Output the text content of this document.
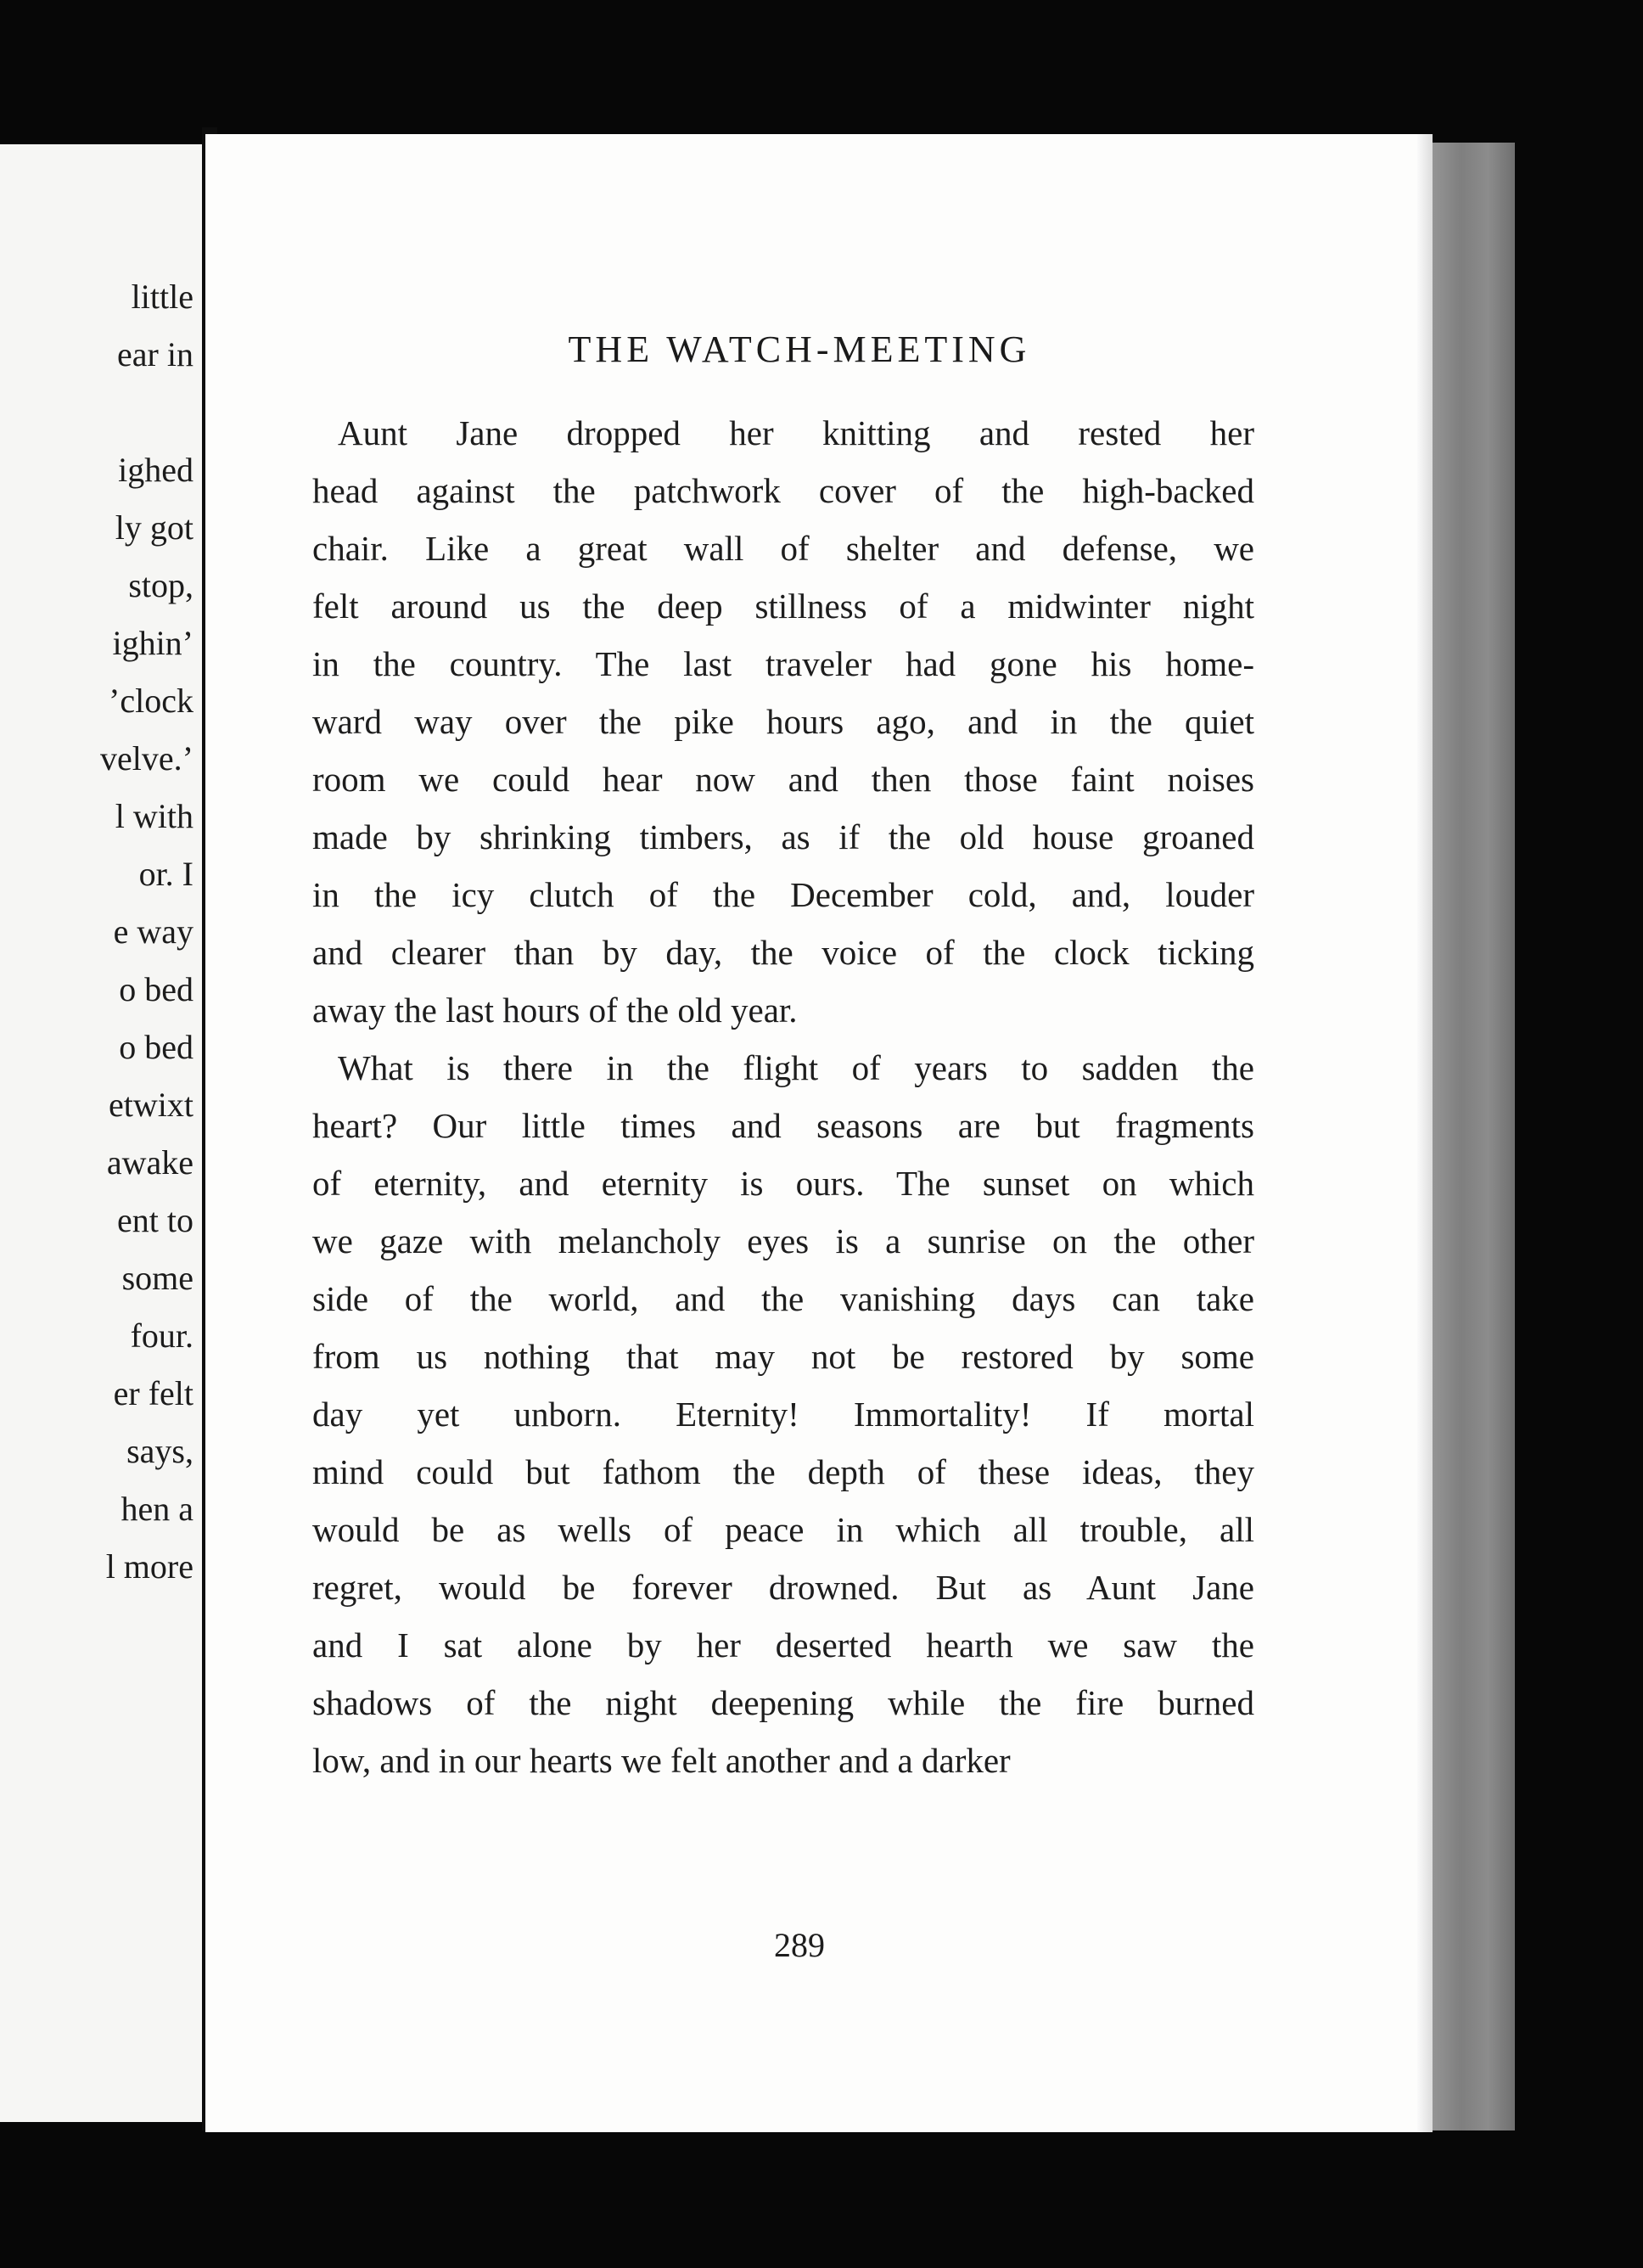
little
ear in
ighed
ly got
stop,
ighin’
’clock
velve.’
l with
or. I
e way
o bed
o bed
etwixt
awake
ent to
some
four.
er felt
says,
hen a
l more
THE WATCH-MEETING
Aunt Jane dropped her knitting and rested her
head against the patchwork cover of the high-backed
chair. Like a great wall of shelter and defense, we
felt around us the deep stillness of a midwinter night
in the country. The last traveler had gone his home-
ward way over the pike hours ago, and in the quiet
room we could hear now and then those faint noises
made by shrinking timbers, as if the old house groaned
in the icy clutch of the December cold, and, louder
and clearer than by day, the voice of the clock ticking
away the last hours of the old year.
What is there in the flight of years to sadden the
heart? Our little times and seasons are but fragments
of eternity, and eternity is ours. The sunset on which
we gaze with melancholy eyes is a sunrise on the other
side of the world, and the vanishing days can take
from us nothing that may not be restored by some
day yet unborn. Eternity! Immortality! If mortal
mind could but fathom the depth of these ideas, they
would be as wells of peace in which all trouble, all
regret, would be forever drowned. But as Aunt Jane
and I sat alone by her deserted hearth we saw the
shadows of the night deepening while the fire burned
low, and in our hearts we felt another and a darker
289
